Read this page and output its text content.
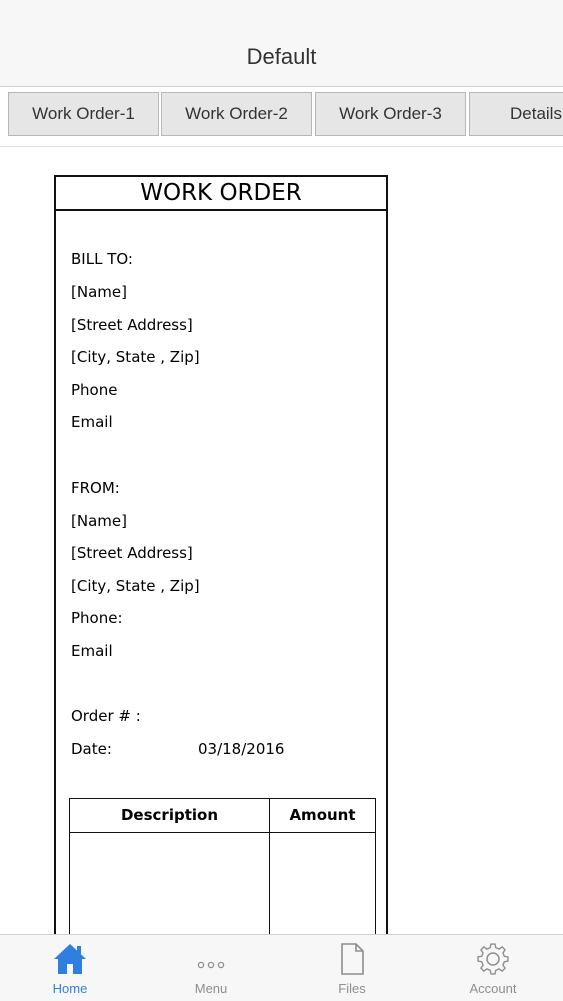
Default
Work Order-1	Work Order-2	Work Order-3	Details
WORK ORDER
BILL TO:
[Name]
[Street Address]
[City, State , Zip]
Phone
Email
FROM:
[Name]
[Street Address]
[City, State , Zip]
Phone:
Email
Order # :
Date:	03/18/2016
Description	Amount
Home	Menu	Files	Account
